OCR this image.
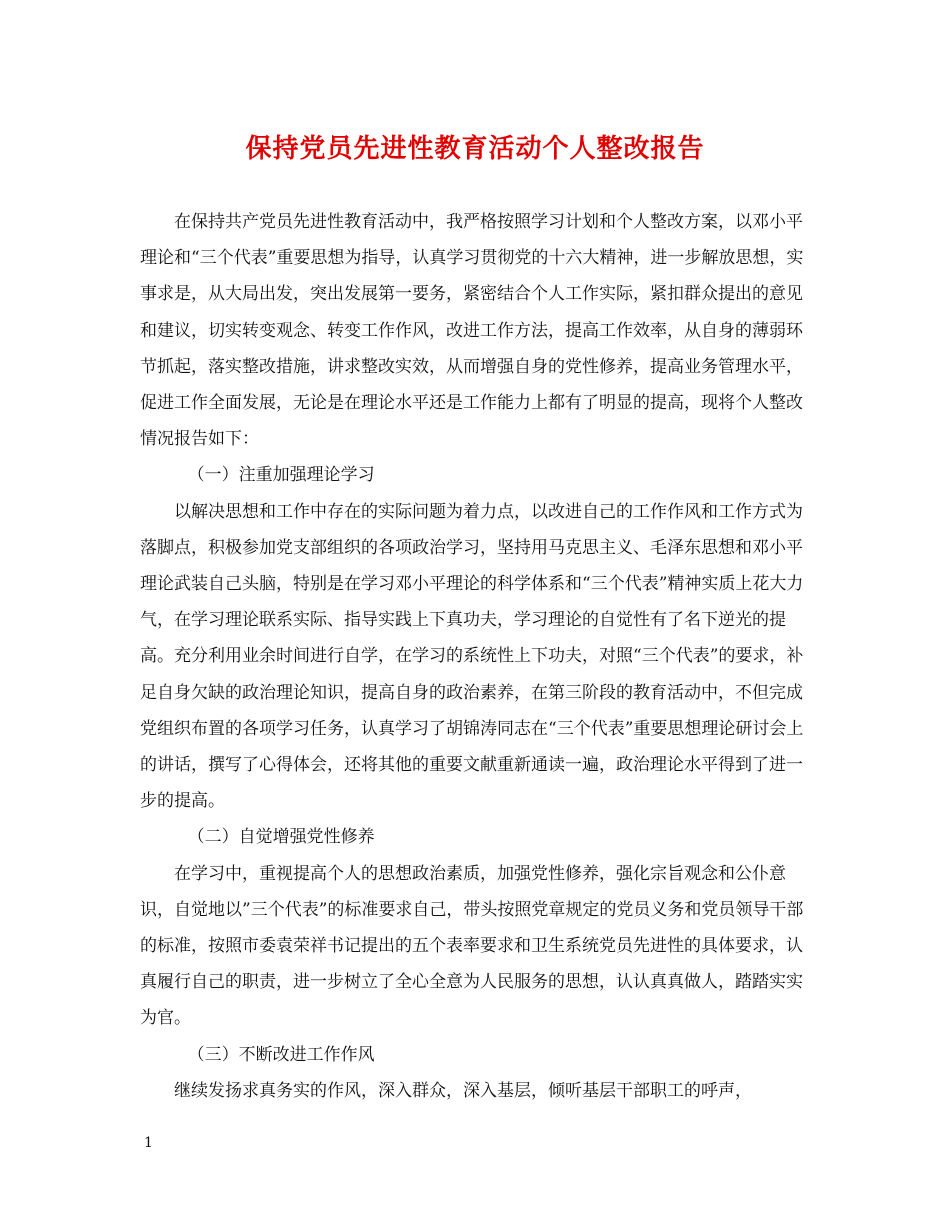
保持党员先进性教育活动个人整改报告

在保持共产党员先进性教育活动中，我严格按照学习计划和个人整改方案，以邓小平理论和“三个代表”重要思想为指导，认真学习贯彻党的十六大精神，进一步解放思想，实事求是，从大局出发，突出发展第一要务，紧密结合个人工作实际，紧扣群众提出的意见和建议，切实转变观念、转变工作作风，改进工作方法，提高工作效率，从自身的薄弱环节抓起，落实整改措施，讲求整改实效，从而增强自身的党性修养，提高业务管理水平，促进工作全面发展，无论是在理论水平还是工作能力上都有了明显的提高，现将个人整改情况报告如下：

（一）注重加强理论学习

以解决思想和工作中存在的实际问题为着力点，以改进自己的工作作风和工作方式为落脚点，积极参加党支部组织的各项政治学习，坚持用马克思主义、毛泽东思想和邓小平理论武装自己头脑，特别是在学习邓小平理论的科学体系和“三个代表”精神实质上花大力气，在学习理论联系实际、指导实践上下真功夫，学习理论的自觉性有了名下逆光的提高。充分利用业余时间进行自学，在学习的系统性上下功夫，对照“三个代表”的要求，补足自身欠缺的政治理论知识，提高自身的政治素养，在第三阶段的教育活动中，不但完成党组织布置的各项学习任务，认真学习了胡锦涛同志在“三个代表”重要思想理论研讨会上的讲话，撰写了心得体会，还将其他的重要文献重新通读一遍，政治理论水平得到了进一步的提高。

（二）自觉增强党性修养

在学习中，重视提高个人的思想政治素质，加强党性修养，强化宗旨观念和公仆意识，自觉地以”三个代表”的标准要求自己，带头按照党章规定的党员义务和党员领导干部的标准，按照市委袁荣祥书记提出的五个表率要求和卫生系统党员先进性的具体要求，认真履行自己的职责，进一步树立了全心全意为人民服务的思想，认认真真做人，踏踏实实为官。

（三）不断改进工作作风

继续发扬求真务实的作风，深入群众，深入基层，倾听基层干部职工的呼声，

1
